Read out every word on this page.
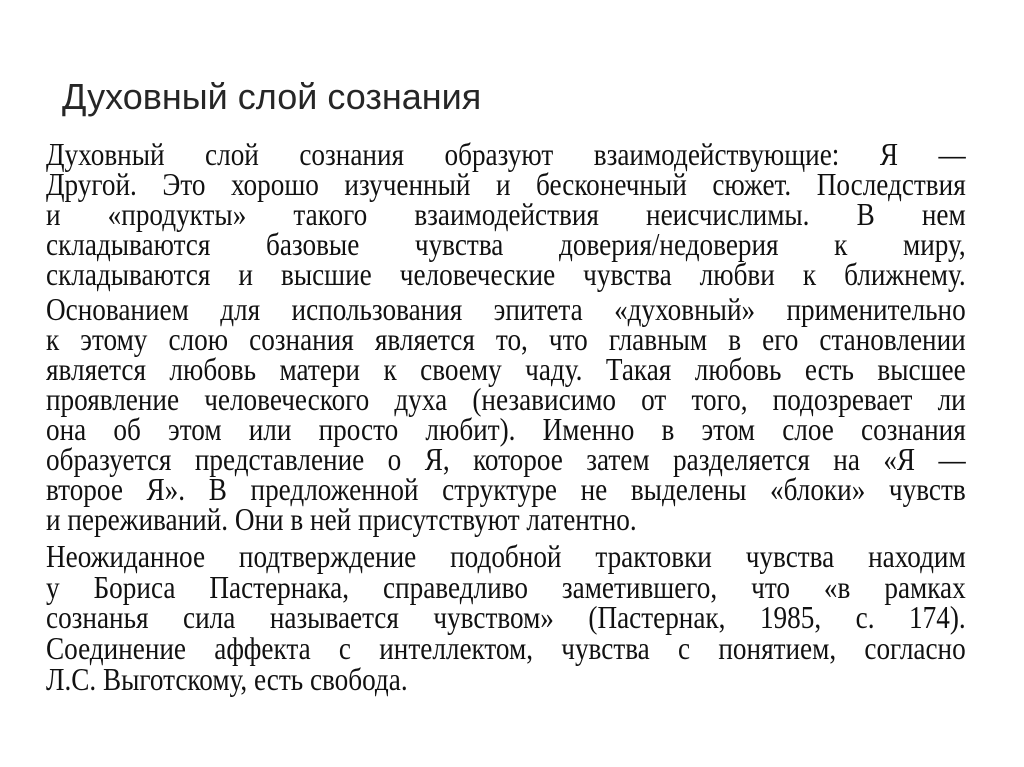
Духовный слой сознания
Духовный слой сознания образуют взаимодействующие: Я —
Другой. Это хорошо изученный и бесконечный сюжет. Последствия
и «продукты» такого взаимодействия неисчислимы. В нем
складываются базовые чувства доверия/недоверия к миру,
складываются и высшие человеческие чувства любви к ближнему.
Основанием для использования эпитета «духовный» применительно
к этому слою сознания является то, что главным в его становлении
является любовь матери к своему чаду. Такая любовь есть высшее
проявление человеческого духа (независимо от того, подозревает ли
она об этом или просто любит). Именно в этом слое сознания
образуется представление о Я, которое затем разделяется на «Я —
второе Я». В предложенной структуре не выделены «блоки» чувств
и переживаний. Они в ней присутствуют латентно.
Неожиданное подтверждение подобной трактовки чувства находим
у Бориса Пастернака, справедливо заметившего, что «в рамках
сознанья сила называется чувством» (Пастернак, 1985, с. 174).
Соединение аффекта с интеллектом, чувства с понятием, согласно
Л.С. Выготскому, есть свобода.
